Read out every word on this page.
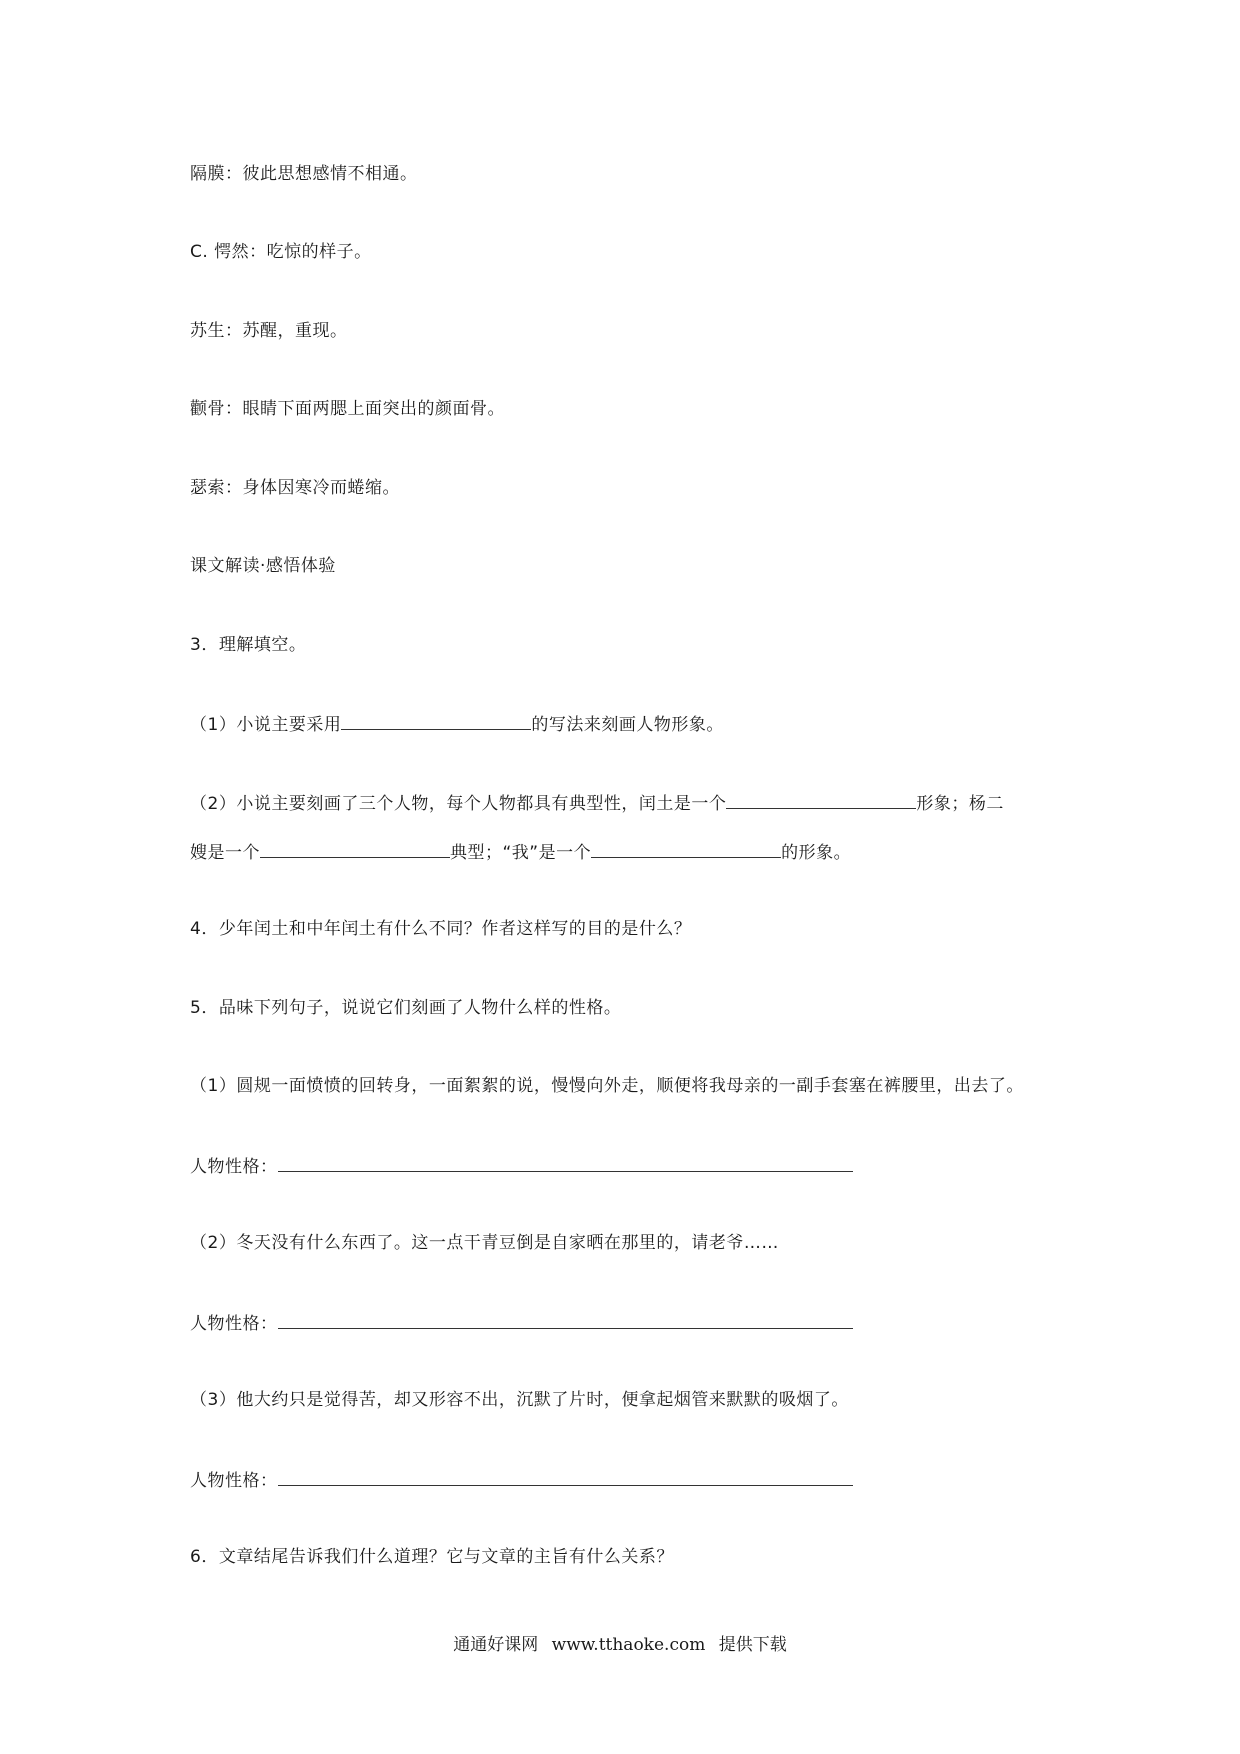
隔膜：彼此思想感情不相通。

C. 愕然：吃惊的样子。

苏生：苏醒，重现。

颧骨：眼睛下面两腮上面突出的颜面骨。

瑟索：身体因寒冷而蜷缩。

课文解读·感悟体验

3．理解填空。

（1）小说主要采用	的写法来刻画人物形象。

（2）小说主要刻画了三个人物，每个人物都具有典型性，闰土是一个	形象；杨二

嫂是一个	典型；“我”是一个	的形象。

4．少年闰土和中年闰土有什么不同？作者这样写的目的是什么？

5．品味下列句子，说说它们刻画了人物什么样的性格。

（1）圆规一面愤愤的回转身，一面絮絮的说，慢慢向外走，顺便将我母亲的一副手套塞在裤腰里，出去了。

人物性格：

（2）冬天没有什么东西了。这一点干青豆倒是自家晒在那里的，请老爷……

人物性格：

（3）他大约只是觉得苦，却又形容不出，沉默了片时，便拿起烟管来默默的吸烟了。

人物性格：

6．文章结尾告诉我们什么道理？它与文章的主旨有什么关系？

通通好课网 www.tthaoke.com 提供下载
